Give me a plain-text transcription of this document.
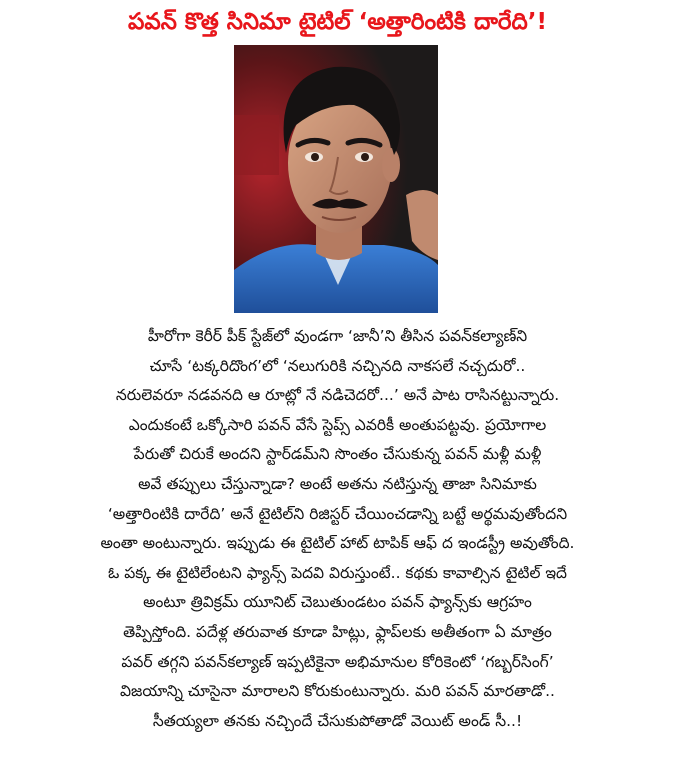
పవన్ కొత్త సినిమా టైటిల్ ‘అత్తారింటికి దారేది’!
హీరోగా కెరీర్ పీక్ స్టేజ్‌లో వుండగా ‘జానీ’ని తీసిన పవన్‌కల్యాణ్‌ని
చూసే ‘టక్కరిదొంగ’లో ‘నలుగురికి నచ్చినది నాకసలే నచ్చదురో..
నరులెవరూ నడవనది ఆ రూట్లో నే నడిచెదరో...’ అనే పాట రాసినట్టున్నారు.
ఎందుకంటే ఒక్కోసారి పవన్ వేసే స్టెప్స్ ఎవరికీ అంతుపట్టవు. ప్రయోగాల
పేరుతో చిరుకే అందని స్టార్‌డమ్‌ని సొంతం చేసుకున్న పవన్ మళ్లీ మళ్లీ
అవే తప్పులు చేస్తున్నాడా? అంటే అతను నటిస్తున్న తాజా సినిమాకు
‘అత్తారింటికి దారేది’ అనే టైటిల్‌ని రిజిస్టర్ చేయించడాన్ని బట్టే అర్థమవుతోందని
అంతా అంటున్నారు. ఇప్పుడు ఈ టైటిల్ హాట్ టాపిక్ ఆఫ్ ద ఇండస్ట్రీ అవుతోంది.
ఓ పక్క ఈ టైటిలేంటని ఫ్యాన్స్ పెదవి విరుస్తుంటే.. కథకు కావాల్సిన టైటిల్ ఇదే
అంటూ త్రివిక్రమ్ యూనిట్ చెబుతుండటం పవన్ ఫ్యాన్స్‌కు ఆగ్రహం
తెప్పిస్తోంది. పదేళ్ల తరువాత కూడా హిట్లు, ఫ్లాప్‌లకు అతీతంగా ఏ మాత్రం
పవర్ తగ్గని పవన్‌కల్యాణ్ ఇప్పటికైనా అభిమానుల కోరికెంటో ‘గబ్బర్‌సింగ్’
విజయాన్ని చూసైనా మారాలని కోరుకుంటున్నారు. మరి పవన్ మారతాడో..
సీతయ్యలా తనకు నచ్చిందే చేసుకుపోతాడో వెయిట్ అండ్ సీ..!
